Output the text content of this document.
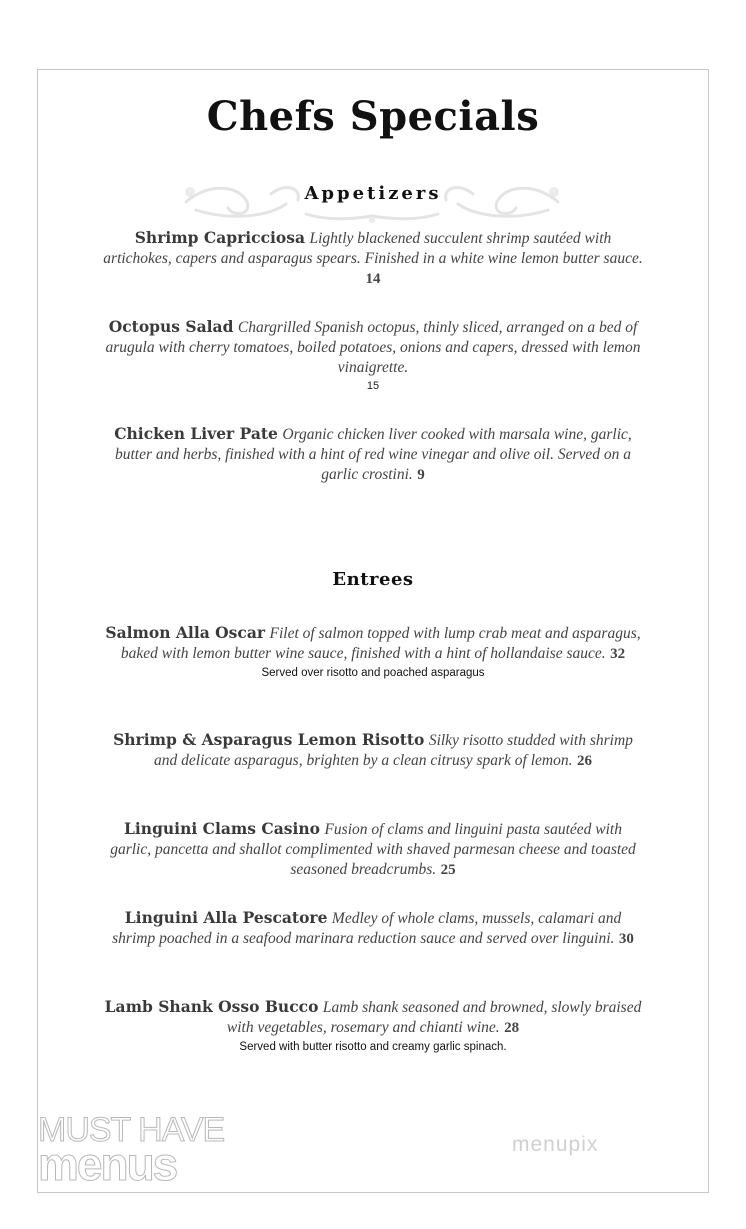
Chefs Specials
Appetizers
Shrimp Capricciosa Lightly blackened succulent shrimp sautéed with artichokes, capers and asparagus spears. Finished in a white wine lemon butter sauce. 14
Octopus Salad Chargrilled Spanish octopus, thinly sliced, arranged on a bed of arugula with cherry tomatoes, boiled potatoes, onions and capers, dressed with lemon vinaigrette.
15
Chicken Liver Pate Organic chicken liver cooked with marsala wine, garlic, butter and herbs, finished with a hint of red wine vinegar and olive oil. Served on a garlic crostini. 9
Entrees
Salmon Alla Oscar Filet of salmon topped with lump crab meat and asparagus, baked with lemon butter wine sauce, finished with a hint of hollandaise sauce. 32
Served over risotto and poached asparagus
Shrimp & Asparagus Lemon Risotto Silky risotto studded with shrimp and delicate asparagus, brighten by a clean citrusy spark of lemon. 26
Linguini Clams Casino Fusion of clams and linguini pasta sautéed with garlic, pancetta and shallot complimented with shaved parmesan cheese and toasted seasoned breadcrumbs. 25
Linguini Alla Pescatore Medley of whole clams, mussels, calamari and shrimp poached in a seafood marinara reduction sauce and served over linguini. 30
Lamb Shank Osso Bucco Lamb shank seasoned and browned, slowly braised with vegetables, rosemary and chianti wine. 28
Served with butter risotto and creamy garlic spinach.
MUST HAVE
menus	menupix
